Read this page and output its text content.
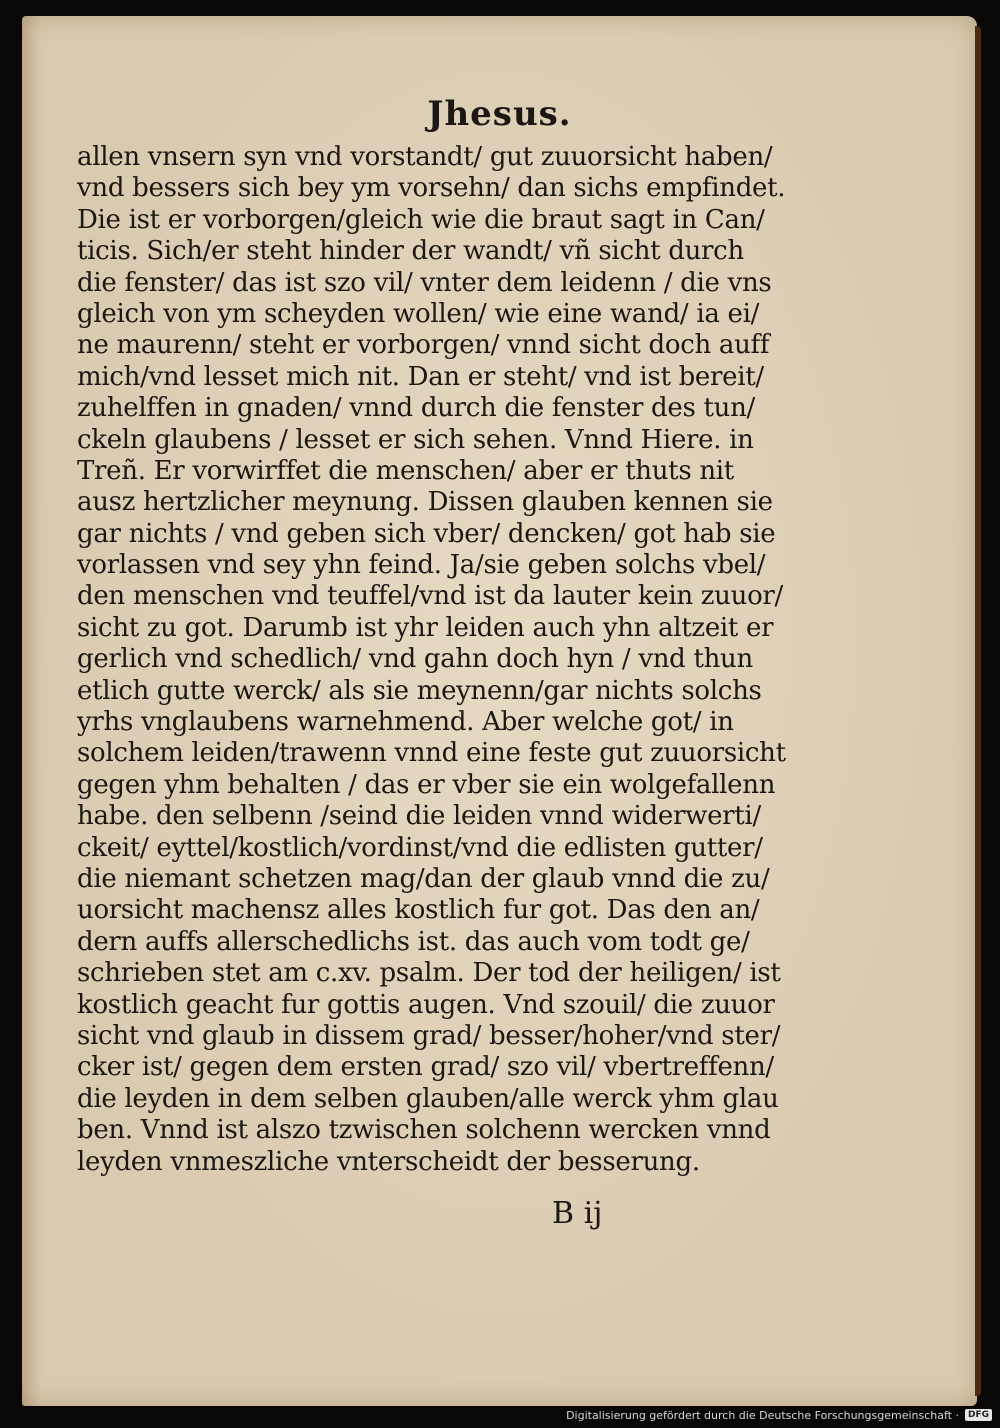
Jhesus.
allen vnsern syn vnd vorstandt/ gut zuuorsicht haben/
vnd bessers sich bey ym vorsehn/ dan sichs empfindet.
Die ist er vorborgen/gleich wie die braut sagt in Can/
ticis. Sich/er steht hinder der wandt/ vñ sicht durch
die fenster/ das ist szo vil/ vnter dem leidenn / die vns
gleich von ym scheyden wollen/ wie eine wand/ ia ei/
ne maurenn/ steht er vorborgen/ vnnd sicht doch auff
mich/vnd lesset mich nit. Dan er steht/ vnd ist bereit/
zuhelffen in gnaden/ vnnd durch die fenster des tun/
ckeln glaubens / lesset er sich sehen. Vnnd Hiere. in
Treñ. Er vorwirffet die menschen/ aber er thuts nit
ausz hertzlicher meynung. Dissen glauben kennen sie
gar nichts / vnd geben sich vber/ dencken/ got hab sie
vorlassen vnd sey yhn feind. Ja/sie geben solchs vbel/
den menschen vnd teuffel/vnd ist da lauter kein zuuor/
sicht zu got. Darumb ist yhr leiden auch yhn altzeit er
gerlich vnd schedlich/ vnd gahn doch hyn / vnd thun
etlich gutte werck/ als sie meynenn/gar nichts solchs
yrhs vnglaubens warnehmend. Aber welche got/ in
solchem leiden/trawenn vnnd eine feste gut zuuorsicht
gegen yhm behalten / das er vber sie ein wolgefallenn
habe. den selbenn /seind die leiden vnnd widerwerti/
ckeit/ eyttel/kostlich/vordinst/vnd die edlisten gutter/
die niemant schetzen mag/dan der glaub vnnd die zu/
uorsicht machensz alles kostlich fur got. Das den an/
dern auffs allerschedlichs ist. das auch vom todt ge/
schrieben stet am c.xv. psalm. Der tod der heiligen/ ist
kostlich geacht fur gottis augen. Vnd szouil/ die zuuor
sicht vnd glaub in dissem grad/ besser/hoher/vnd ster/
cker ist/ gegen dem ersten grad/ szo vil/ vbertreffenn/
die leyden in dem selben glauben/alle werck yhm glau
ben. Vnnd ist alszo tzwischen solchenn wercken vnnd
leyden vnmeszliche vnterscheidt der besserung.
B ij
Digitalisierung gefördert durch die Deutsche Forschungsgemeinschaft ·	DFG
